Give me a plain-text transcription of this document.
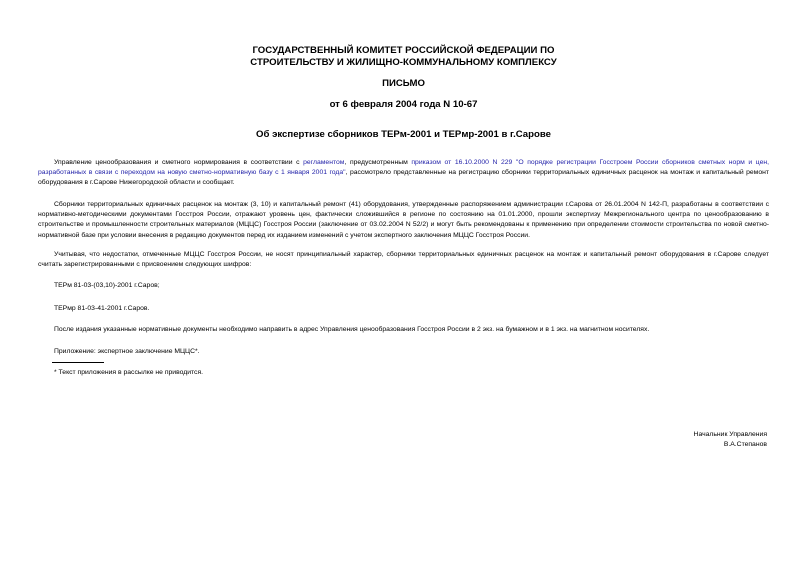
ГОСУДАРСТВЕННЫЙ КОМИТЕТ РОССИЙСКОЙ ФЕДЕРАЦИИ ПО
СТРОИТЕЛЬСТВУ И ЖИЛИЩНО-КОММУНАЛЬНОМУ КОМПЛЕКСУ
ПИСЬМО
от 6 февраля 2004 года N 10-67
Об экспертизе сборников ТЕРм-2001 и ТЕРмр-2001 в г.Сарове

Управление ценообразования и сметного нормирования в соответствии с регламентом, предусмотренным приказом от 16.10.2000 N 229 "О порядке регистрации Госстроем России сборников сметных норм и цен, разработанных в связи с переходом на новую сметно-нормативную базу с 1 января 2001 года", рассмотрело представленные на регистрацию сборники территориальных единичных расценок на монтаж и капитальный ремонт оборудования в г.Сарове Нижегородской области и сообщает.

Сборники территориальных единичных расценок на монтаж (3, 10) и капитальный ремонт (41) оборудования, утвержденные распоряжением администрации г.Сарова от 26.01.2004 N 142-П, разработаны в соответствии с нормативно-методическими документами Госстроя России, отражают уровень цен, фактически сложившийся в регионе по состоянию на 01.01.2000, прошли экспертизу Межрегионального центра по ценообразованию в строительстве и промышленности строительных материалов (МЦЦС) Госстроя России (заключение от 03.02.2004 N 52/2) и могут быть рекомендованы к применению при определении стоимости строительства по новой сметно-нормативной базе при условии внесения в редакцию документов перед их изданием изменений с учетом экспертного заключения МЦЦС Госстроя России.

Учитывая, что недостатки, отмеченные МЦЦС Госстроя России, не носят принципиальный характер, сборники территориальных единичных расценок на монтаж и капитальный ремонт оборудования в г.Сарове следует считать зарегистрированными с присвоением следующих шифров:

ТЕРм 81-03-(03,10)-2001 г.Саров;
ТЕРмр 81-03-41-2001 г.Саров.
После издания указанные нормативные документы необходимо направить в адрес Управления ценообразования Госстроя России в 2 экз. на бумажном и в 1 экз. на магнитном носителях.
Приложение: экспертное заключение МЦЦС*.
* Текст приложения в рассылке не приводится.
Начальник Управления
В.А.Степанов
